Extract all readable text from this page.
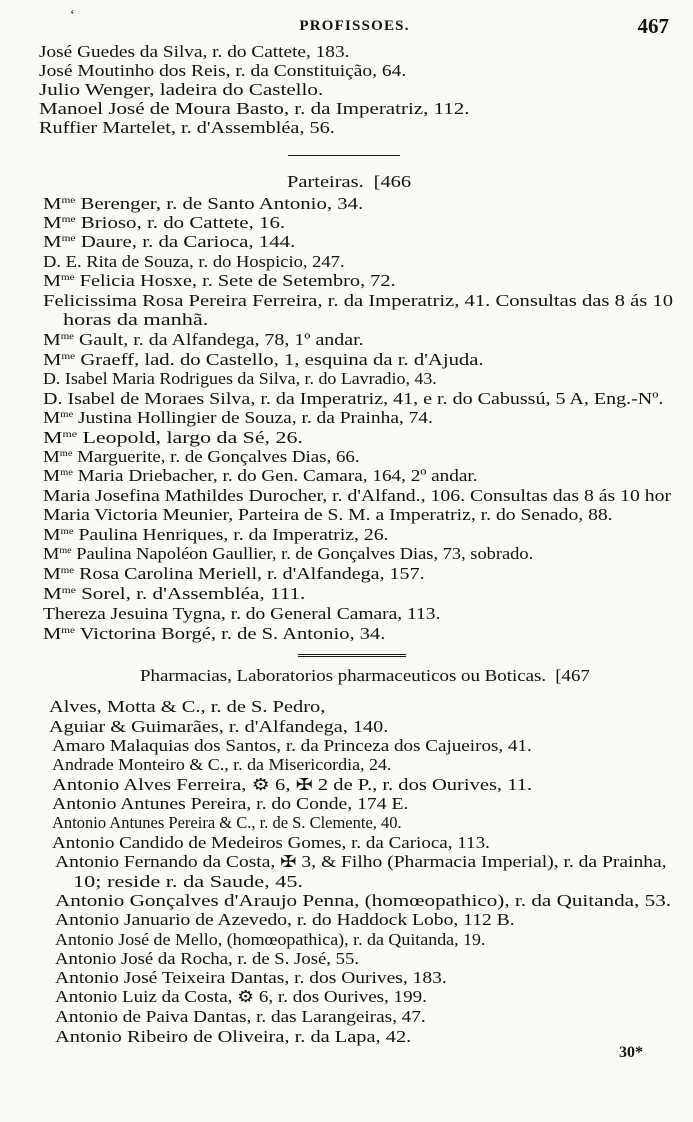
ʻ
PROFISSOES.	467
José Guedes da Silva, r. do Cattete, 183.
José Moutinho dos Reis, r. da Constituição, 64.
Julio Wenger, ladeira do Castello.
Manoel José de Moura Basto, r. da Imperatriz, 112.
Ruffier Martelet, r. d'Assembléa, 56.
Parteiras. [466
$M^{me}$ Berenger, r. de Santo Antonio, 34.
$M^{me}$ Brioso, r. do Cattete, 16.
$M^{me}$ Daure, r. da Carioca, 144.
D. E. Rita de Souza, r. do Hospicio, 247.
$M^{me}$ Felicia Hosxe, r. Sete de Setembro, 72.
Felicissima Rosa Pereira Ferreira, r. da Imperatriz, 41. Consultas das 8 ás 10
horas da manhã.
$M^{me}$ Gault, r. da Alfandega, 78, 1º andar.
$M^{me}$ Graeff, lad. do Castello, 1, esquina da r. d'Ajuda.
D. Isabel Maria Rodrigues da Silva, r. do Lavradio, 43.
D. Isabel de Moraes Silva, r. da Imperatriz, 41, e r. do Cabussú, 5 A, Eng.-Nº.
$M^{me}$ Justina Hollingier de Souza, r. da Prainha, 74.
$M^{me}$ Leopold, largo da Sé, 26.
$M^{me}$ Marguerite, r. de Gonçalves Dias, 66.
$M^{me}$ Maria Driebacher, r. do Gen. Camara, 164, 2º andar.
Maria Josefina Mathildes Durocher, r. d'Alfand., 106. Consultas das 8 ás 10 hor
Maria Victoria Meunier, Parteira de S. M. a Imperatriz, r. do Senado, 88.
$M^{me}$ Paulina Henriques, r. da Imperatriz, 26.
$M^{me}$ Paulina Napoléon Gaullier, r. de Gonçalves Dias, 73, sobrado.
$M^{me}$ Rosa Carolina Meriell, r. d'Alfandega, 157.
$M^{me}$ Sorel, r. d'Assembléa, 111.
Thereza Jesuina Tygna, r. do General Camara, 113.
$M^{me}$ Victorina Borgé, r. de S. Antonio, 34.
Pharmacias, Laboratorios pharmaceuticos ou Boticas. [467
Alves, Motta & C., r. de S. Pedro,
Aguiar & Guimarães, r. d'Alfandega, 140.
Amaro Malaquias dos Santos, r. da Princeza dos Cajueiros, 41.
Andrade Monteiro & C., r. da Misericordia, 24.
Antonio Alves Ferreira, ⚙ 6, ✠ 2 de P., r. dos Ourives, 11.
Antonio Antunes Pereira, r. do Conde, 174 E.
Antonio Antunes Pereira & C., r. de S. Clemente, 40.
Antonio Candido de Medeiros Gomes, r. da Carioca, 113.
Antonio Fernando da Costa, ✠ 3, & Filho (Pharmacia Imperial), r. da Prainha,
10; reside r. da Saude, 45.
Antonio Gonçalves d'Araujo Penna, (homœopathico), r. da Quitanda, 53.
Antonio Januario de Azevedo, r. do Haddock Lobo, 112 B.
Antonio José de Mello, (homœopathica), r. da Quitanda, 19.
Antonio José da Rocha, r. de S. José, 55.
Antonio José Teixeira Dantas, r. dos Ourives, 183.
Antonio Luiz da Costa, ⚙ 6, r. dos Ourives, 199.
Antonio de Paiva Dantas, r. das Larangeiras, 47.
Antonio Ribeiro de Oliveira, r. da Lapa, 42.
30*
